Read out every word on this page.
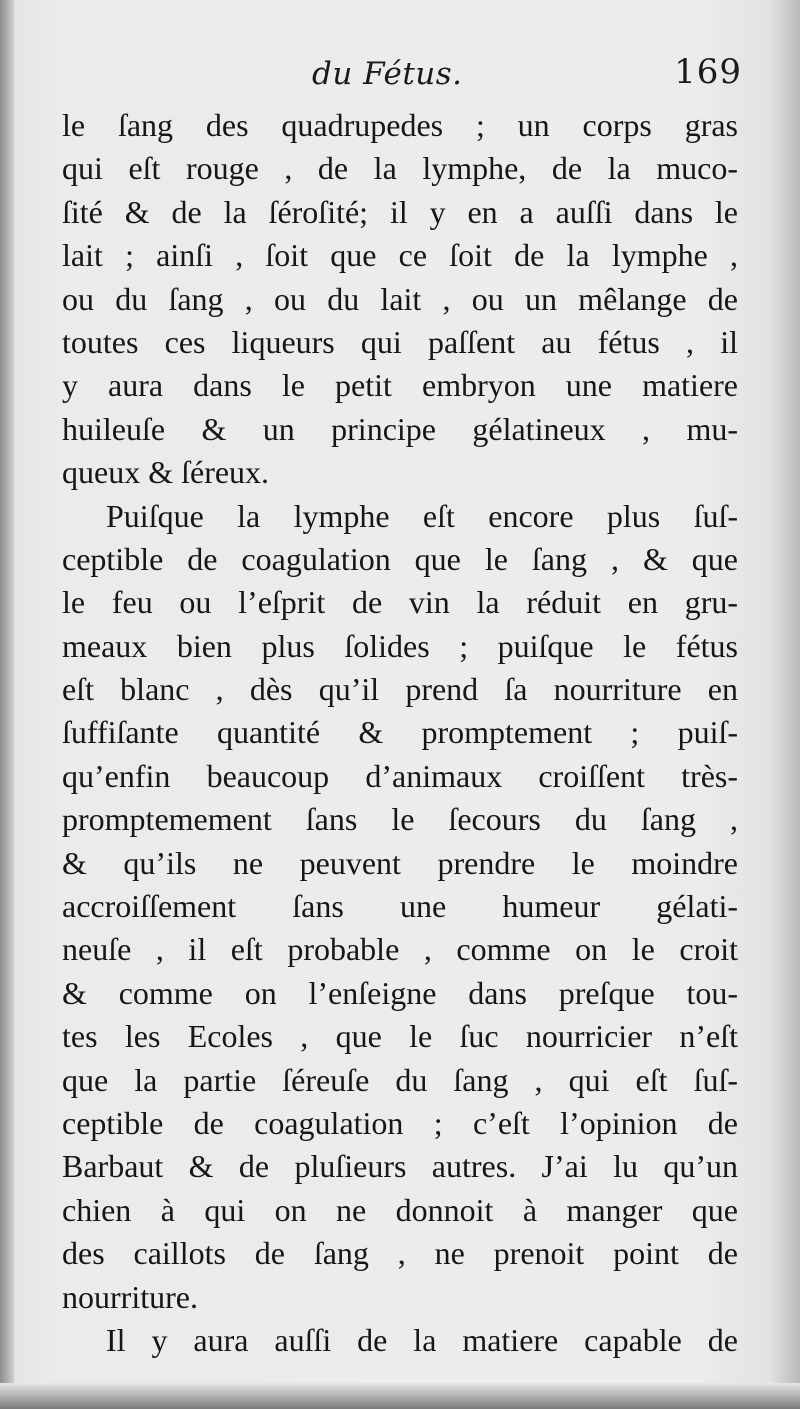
du Fétus.	169
le ſang des quadrupedes ; un corps gras
qui eſt rouge , de la lymphe, de la muco-
ſité & de la ſéroſité; il y en a auſſi dans le
lait ; ainſi , ſoit que ce ſoit de la lymphe ,
ou du ſang , ou du lait , ou un mêlange de
toutes ces liqueurs qui paſſent au fétus , il
y aura dans le petit embryon une matiere
huileuſe & un principe gélatineux , mu-
queux & ſéreux.
Puiſque la lymphe eſt encore plus ſuſ-
ceptible de coagulation que le ſang , & que
le feu ou l’eſprit de vin la réduit en gru-
meaux bien plus ſolides ; puiſque le fétus
eſt blanc , dès qu’il prend ſa nourriture en
ſuffiſante quantité & promptement ; puiſ-
qu’enfin beaucoup d’animaux croiſſent très-
promptemement ſans le ſecours du ſang ,
& qu’ils ne peuvent prendre le moindre
accroiſſement ſans une humeur gélati-
neuſe , il eſt probable , comme on le croit
& comme on l’enſeigne dans preſque tou-
tes les Ecoles , que le ſuc nourricier n’eſt
que la partie ſéreuſe du ſang , qui eſt ſuſ-
ceptible de coagulation ; c’eſt l’opinion de
Barbaut & de pluſieurs autres. J’ai lu qu’un
chien à qui on ne donnoit à manger que
des caillots de ſang , ne prenoit point de
nourriture.
Il y aura auſſi de la matiere capable de
